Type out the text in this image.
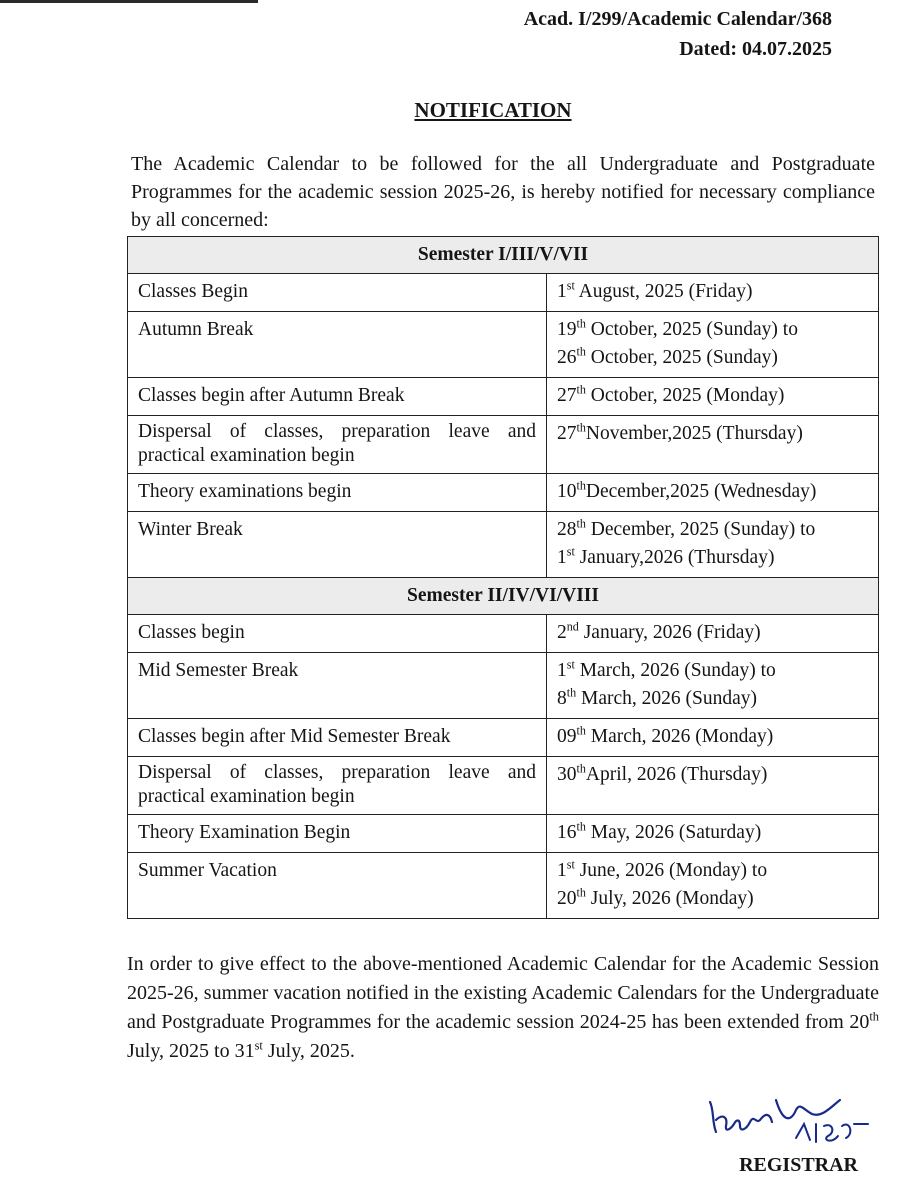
Acad. I/299/Academic Calendar/368
Dated: 04.07.2025
NOTIFICATION
The Academic Calendar to be followed for the all Undergraduate and Postgraduate Programmes for the academic session 2025-26, is hereby notified for necessary compliance by all concerned:
Semester I/III/V/VII	
Classes Begin	1st August, 2025 (Friday)

Autumn Break	19th October, 2025 (Sunday) to
26th October, 2025 (Sunday)

Classes begin after Autumn Break	27th October, 2025 (Monday)

Dispersal of classes, preparation leave and practical examination begin	27thNovember,2025 (Thursday)

Theory examinations begin	10thDecember,2025 (Wednesday)

Winter Break	28th December, 2025 (Sunday) to
1st January,2026 (Thursday)

Semester II/IV/VI/VIII	
Classes begin	2nd January, 2026 (Friday)

Mid Semester Break	1st March, 2026 (Sunday) to
8th March, 2026 (Sunday)

Classes begin after Mid Semester Break	09th March, 2026 (Monday)

Dispersal of classes, preparation leave and practical examination begin	30thApril, 2026 (Thursday)

Theory Examination Begin	16th May, 2026 (Saturday)

Summer Vacation	1st June, 2026 (Monday) to
20th July, 2026 (Monday)
In order to give effect to the above-mentioned Academic Calendar for the Academic Session 2025-26, summer vacation notified in the existing Academic Calendars for the Undergraduate and Postgraduate Programmes for the academic session 2024-25 has been extended from 20th July, 2025 to 31st July, 2025.
REGISTRAR
